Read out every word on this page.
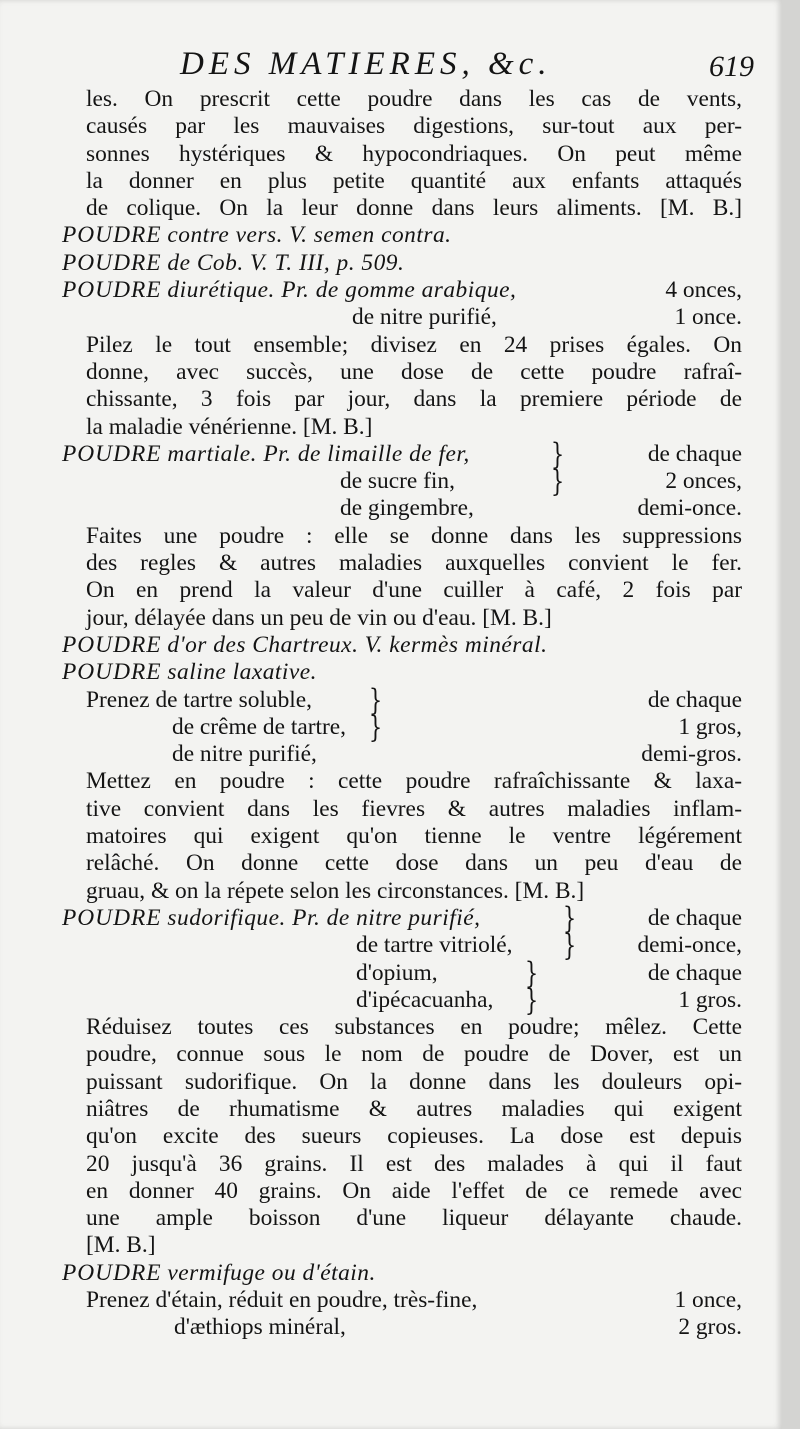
DES MATIERES, &c.	619
les. On prescrit cette poudre dans les cas de vents,
causés par les mauvaises digestions, sur-tout aux per-
sonnes hystériques & hypocondriaques. On peut même
la donner en plus petite quantité aux enfants attaqués
de colique. On la leur donne dans leurs aliments. [M. B.]
POUDRE contre vers. V. semen contra.
POUDRE de Cob. V. T. III, p. 509.
POUDRE diurétique. Pr. de gomme arabique,	4 onces,
de nitre purifié,	1 once.
Pilez le tout ensemble; divisez en 24 prises égales. On
donne, avec succès, une dose de cette poudre rafraî-
chissante, 3 fois par jour, dans la premiere période de
la maladie vénérienne. [M. B.]
POUDRE martiale. Pr. de limaille de fer,	}	de chaque
de sucre fin,	}	2 onces,
de gingembre,	demi-once.
Faites une poudre : elle se donne dans les suppressions
des regles & autres maladies auxquelles convient le fer.
On en prend la valeur d'une cuiller à café, 2 fois par
jour, délayée dans un peu de vin ou d'eau. [M. B.]
POUDRE d'or des Chartreux. V. kermès minéral.
POUDRE saline laxative.
Prenez de tartre soluble, }	de chaque
de crême de tartre, }	1 gros,
de nitre purifié,	demi-gros.
Mettez en poudre : cette poudre rafraîchissante & laxa-
tive convient dans les fievres & autres maladies inflam-
matoires qui exigent qu'on tienne le ventre légérement
relâché. On donne cette dose dans un peu d'eau de
gruau, & on la répete selon les circonstances. [M. B.]
POUDRE sudorifique. Pr. de nitre purifié,	}	de chaque
de tartre vitriolé, }	demi-once,
d'opium,	}	de chaque
d'ipécacuanha, }	1 gros.
Réduisez toutes ces substances en poudre; mêlez. Cette
poudre, connue sous le nom de poudre de Dover, est un
puissant sudorifique. On la donne dans les douleurs opi-
niâtres de rhumatisme & autres maladies qui exigent
qu'on excite des sueurs copieuses. La dose est depuis
20 jusqu'à 36 grains. Il est des malades à qui il faut
en donner 40 grains. On aide l'effet de ce remede avec
une ample boisson d'une liqueur délayante chaude.
[M. B.]
POUDRE vermifuge ou d'étain.
Prenez d'étain, réduit en poudre, très-fine,	1 once,
d'æthiops minéral,	2 gros.
